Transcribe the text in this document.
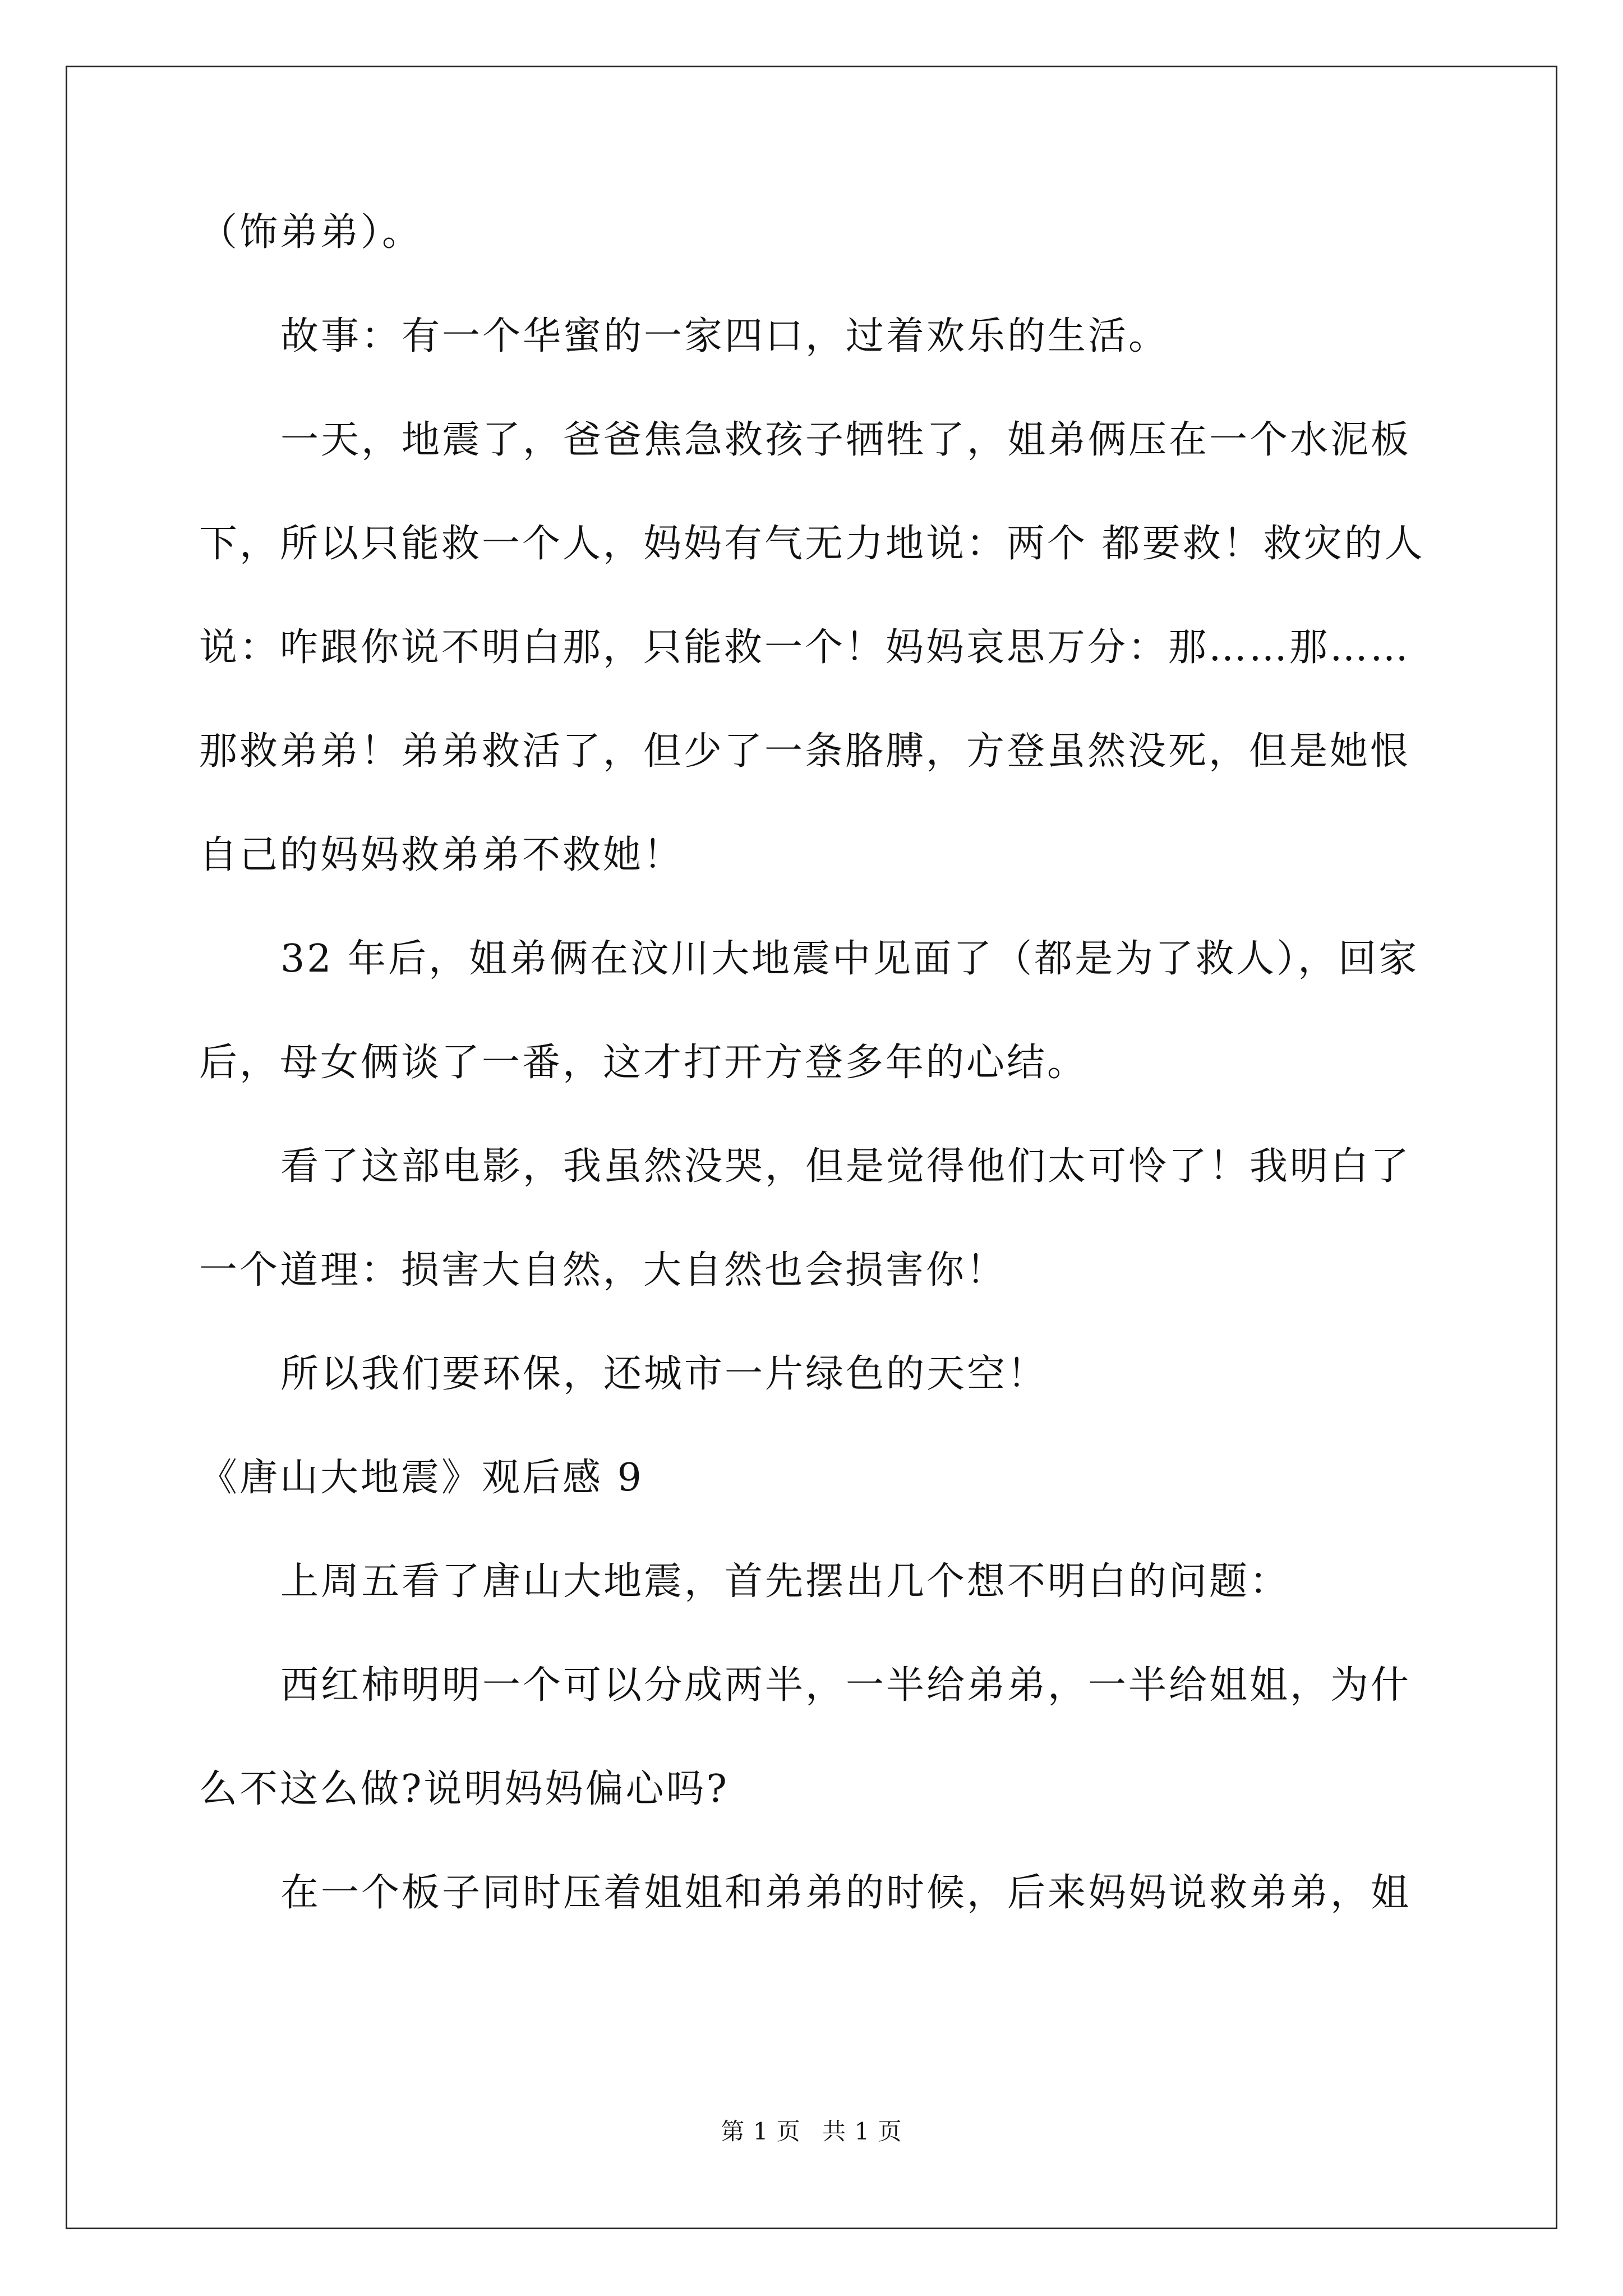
（饰弟弟）。
故事：有一个华蜜的一家四口，过着欢乐的生活。
一天，地震了，爸爸焦急救孩子牺牲了，姐弟俩压在一个水泥板
下，所以只能救一个人，妈妈有气无力地说：两个 都要救！救灾的人
说：咋跟你说不明白那，只能救一个！妈妈哀思万分：那……那……
那救弟弟！弟弟救活了，但少了一条胳膊，方登虽然没死，但是她恨
自己的妈妈救弟弟不救她！
32 年后，姐弟俩在汶川大地震中见面了（都是为了救人），回家
后，母女俩谈了一番，这才打开方登多年的心结。
看了这部电影，我虽然没哭，但是觉得他们太可怜了！我明白了
一个道理：损害大自然，大自然也会损害你！
所以我们要环保，还城市一片绿色的天空！
《唐山大地震》观后感 9
上周五看了唐山大地震，首先摆出几个想不明白的问题：
西红柿明明一个可以分成两半，一半给弟弟，一半给姐姐，为什
么不这么做?说明妈妈偏心吗?
在一个板子同时压着姐姐和弟弟的时候，后来妈妈说救弟弟，姐
第 1 页 共 1 页
